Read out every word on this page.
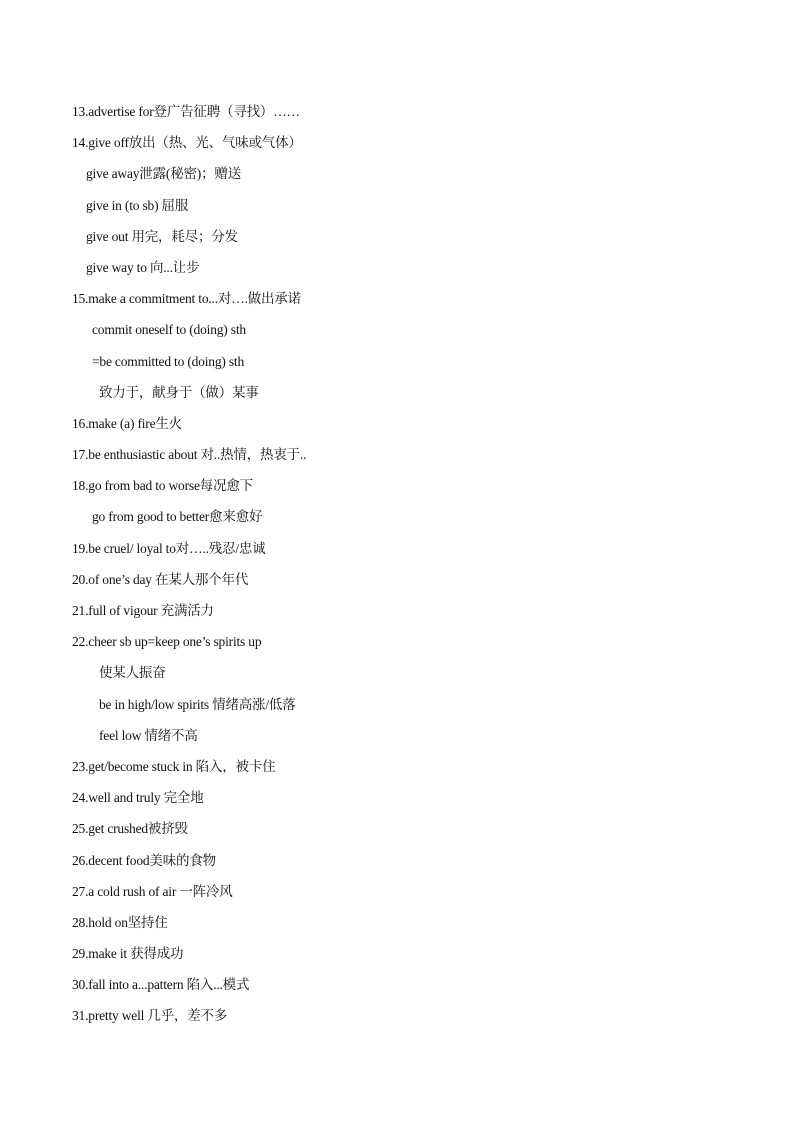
13.advertise for登广告征聘（寻找）……
14.give off放出（热、光、气味或气体）
give away泄露(秘密)；赠送
give in (to sb) 屈服
give out 用完，耗尽；分发
give way to 向...让步
15.make a commitment to...对….做出承诺
commit oneself to (doing) sth
=be committed to (doing) sth
致力于，献身于（做）某事
16.make (a) fire生火
17.be enthusiastic about 对..热情，热衷于..
18.go from bad to worse每况愈下
go from good to better愈来愈好
19.be cruel/ loyal to对…..残忍/忠诚
20.of one’s day 在某人那个年代
21.full of vigour 充满活力
22.cheer sb up=keep one’s spirits up
使某人振奋
be in high/low spirits 情绪高涨/低落
feel low 情绪不高
23.get/become stuck in 陷入，被卡住
24.well and truly 完全地
25.get crushed被挤毁
26.decent food美味的食物
27.a cold rush of air 一阵冷风
28.hold on坚持住
29.make it 获得成功
30.fall into a...pattern 陷入...模式
31.pretty well 几乎，差不多
